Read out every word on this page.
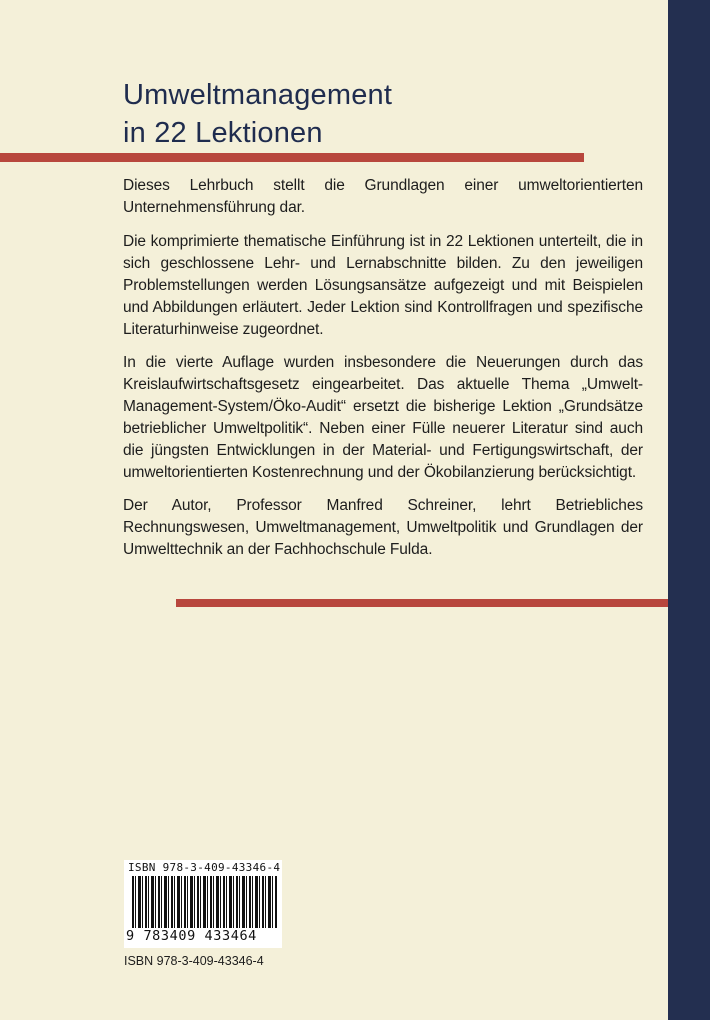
Umweltmanagement
in 22 Lektionen

Dieses Lehrbuch stellt die Grundlagen einer umweltorientierten Unternehmensführung dar.

Die komprimierte thematische Einführung ist in 22 Lektionen unterteilt, die in sich geschlossene Lehr- und Lernabschnitte bilden. Zu den jeweiligen Problemstellungen werden Lösungsansätze aufgezeigt und mit Beispielen und Abbildungen erläutert. Jeder Lektion sind Kontrollfragen und spezifische Literaturhinweise zugeordnet.

In die vierte Auflage wurden insbesondere die Neuerungen durch das Kreislaufwirtschaftsgesetz eingearbeitet. Das aktuelle Thema „Umwelt-Management-System/Öko-Audit“ ersetzt die bisherige Lektion „Grundsätze betrieblicher Umweltpolitik“. Neben einer Fülle neuerer Literatur sind auch die jüngsten Entwicklungen in der Material- und Fertigungswirtschaft, der umweltorientierten Kostenrechnung und der Ökobilanzierung berücksichtigt.

Der Autor, Professor Manfred Schreiner, lehrt Betriebliches Rechnungswesen, Umweltmanagement, Umweltpolitik und Grundlagen der Umwelttechnik an der Fachhochschule Fulda.

ISBN 978-3-409-43346-4
9 783409 433464
ISBN 978-3-409-43346-4
